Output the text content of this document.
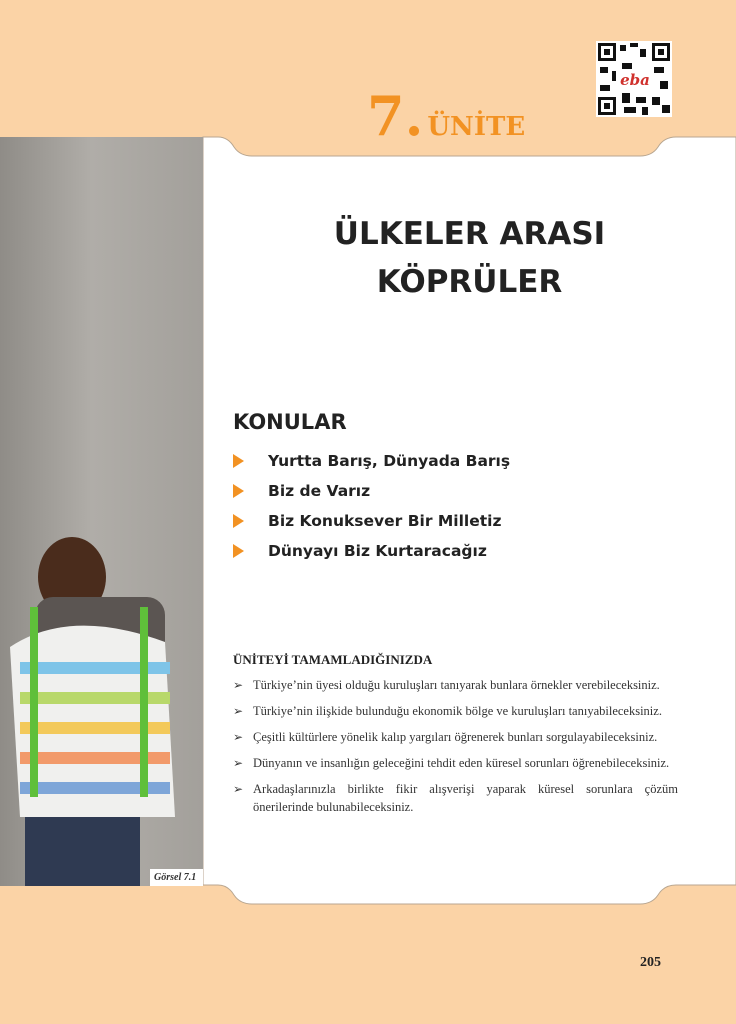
Görsel 7.1
7. ÜNİTE
eba
ÜLKELER ARASI
KÖPRÜLER
KONULAR
Yurtta Barış, Dünyada Barış
Biz de Varız
Biz Konuksever Bir Milletiz
Dünyayı Biz Kurtaracağız
ÜNİTEYİ TAMAMLADIĞINIZDA
➢ Türkiye’nin üyesi olduğu kuruluşları tanıyarak bunlara örnekler verebileceksiniz.
➢ Türkiye’nin ilişkide bulunduğu ekonomik bölge ve kuruluşları tanıyabileceksiniz.
➢ Çeşitli kültürlere yönelik kalıp yargıları öğrenerek bunları sorgulayabileceksiniz.
➢ Dünyanın ve insanlığın geleceğini tehdit eden küresel sorunları öğrenebileceksiniz.
➢ Arkadaşlarınızla birlikte fikir alışverişi yaparak küresel sorunlara çözüm önerilerinde bulunabileceksiniz.
205
